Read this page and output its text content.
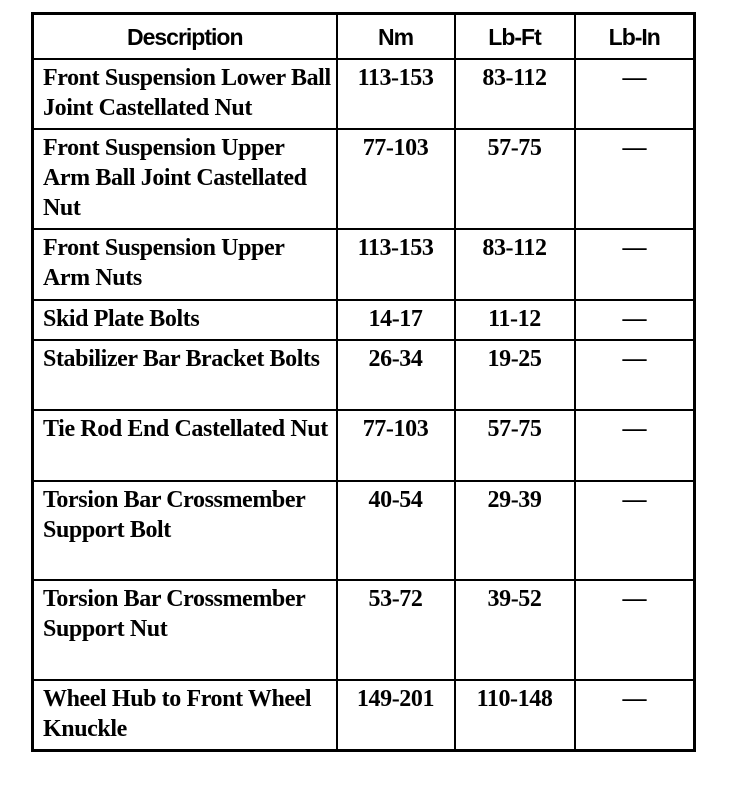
Description	Nm	Lb-Ft	Lb-In
Front Suspension Lower Ball Joint Castellated Nut	113-153	83-112	—
Front Suspension Upper Arm Ball Joint Castellated Nut	77-103	57-75	—
Front Suspension Upper Arm Nuts	113-153	83-112	—
Skid Plate Bolts	14-17	11-12	—
Stabilizer Bar Bracket Bolts	26-34	19-25	—
Tie Rod End Castellated Nut	77-103	57-75	—
Torsion Bar Crossmember Support Bolt	40-54	29-39	—
Torsion Bar Crossmember Support Nut	53-72	39-52	—
Wheel Hub to Front Wheel Knuckle	149-201	110-148	—
